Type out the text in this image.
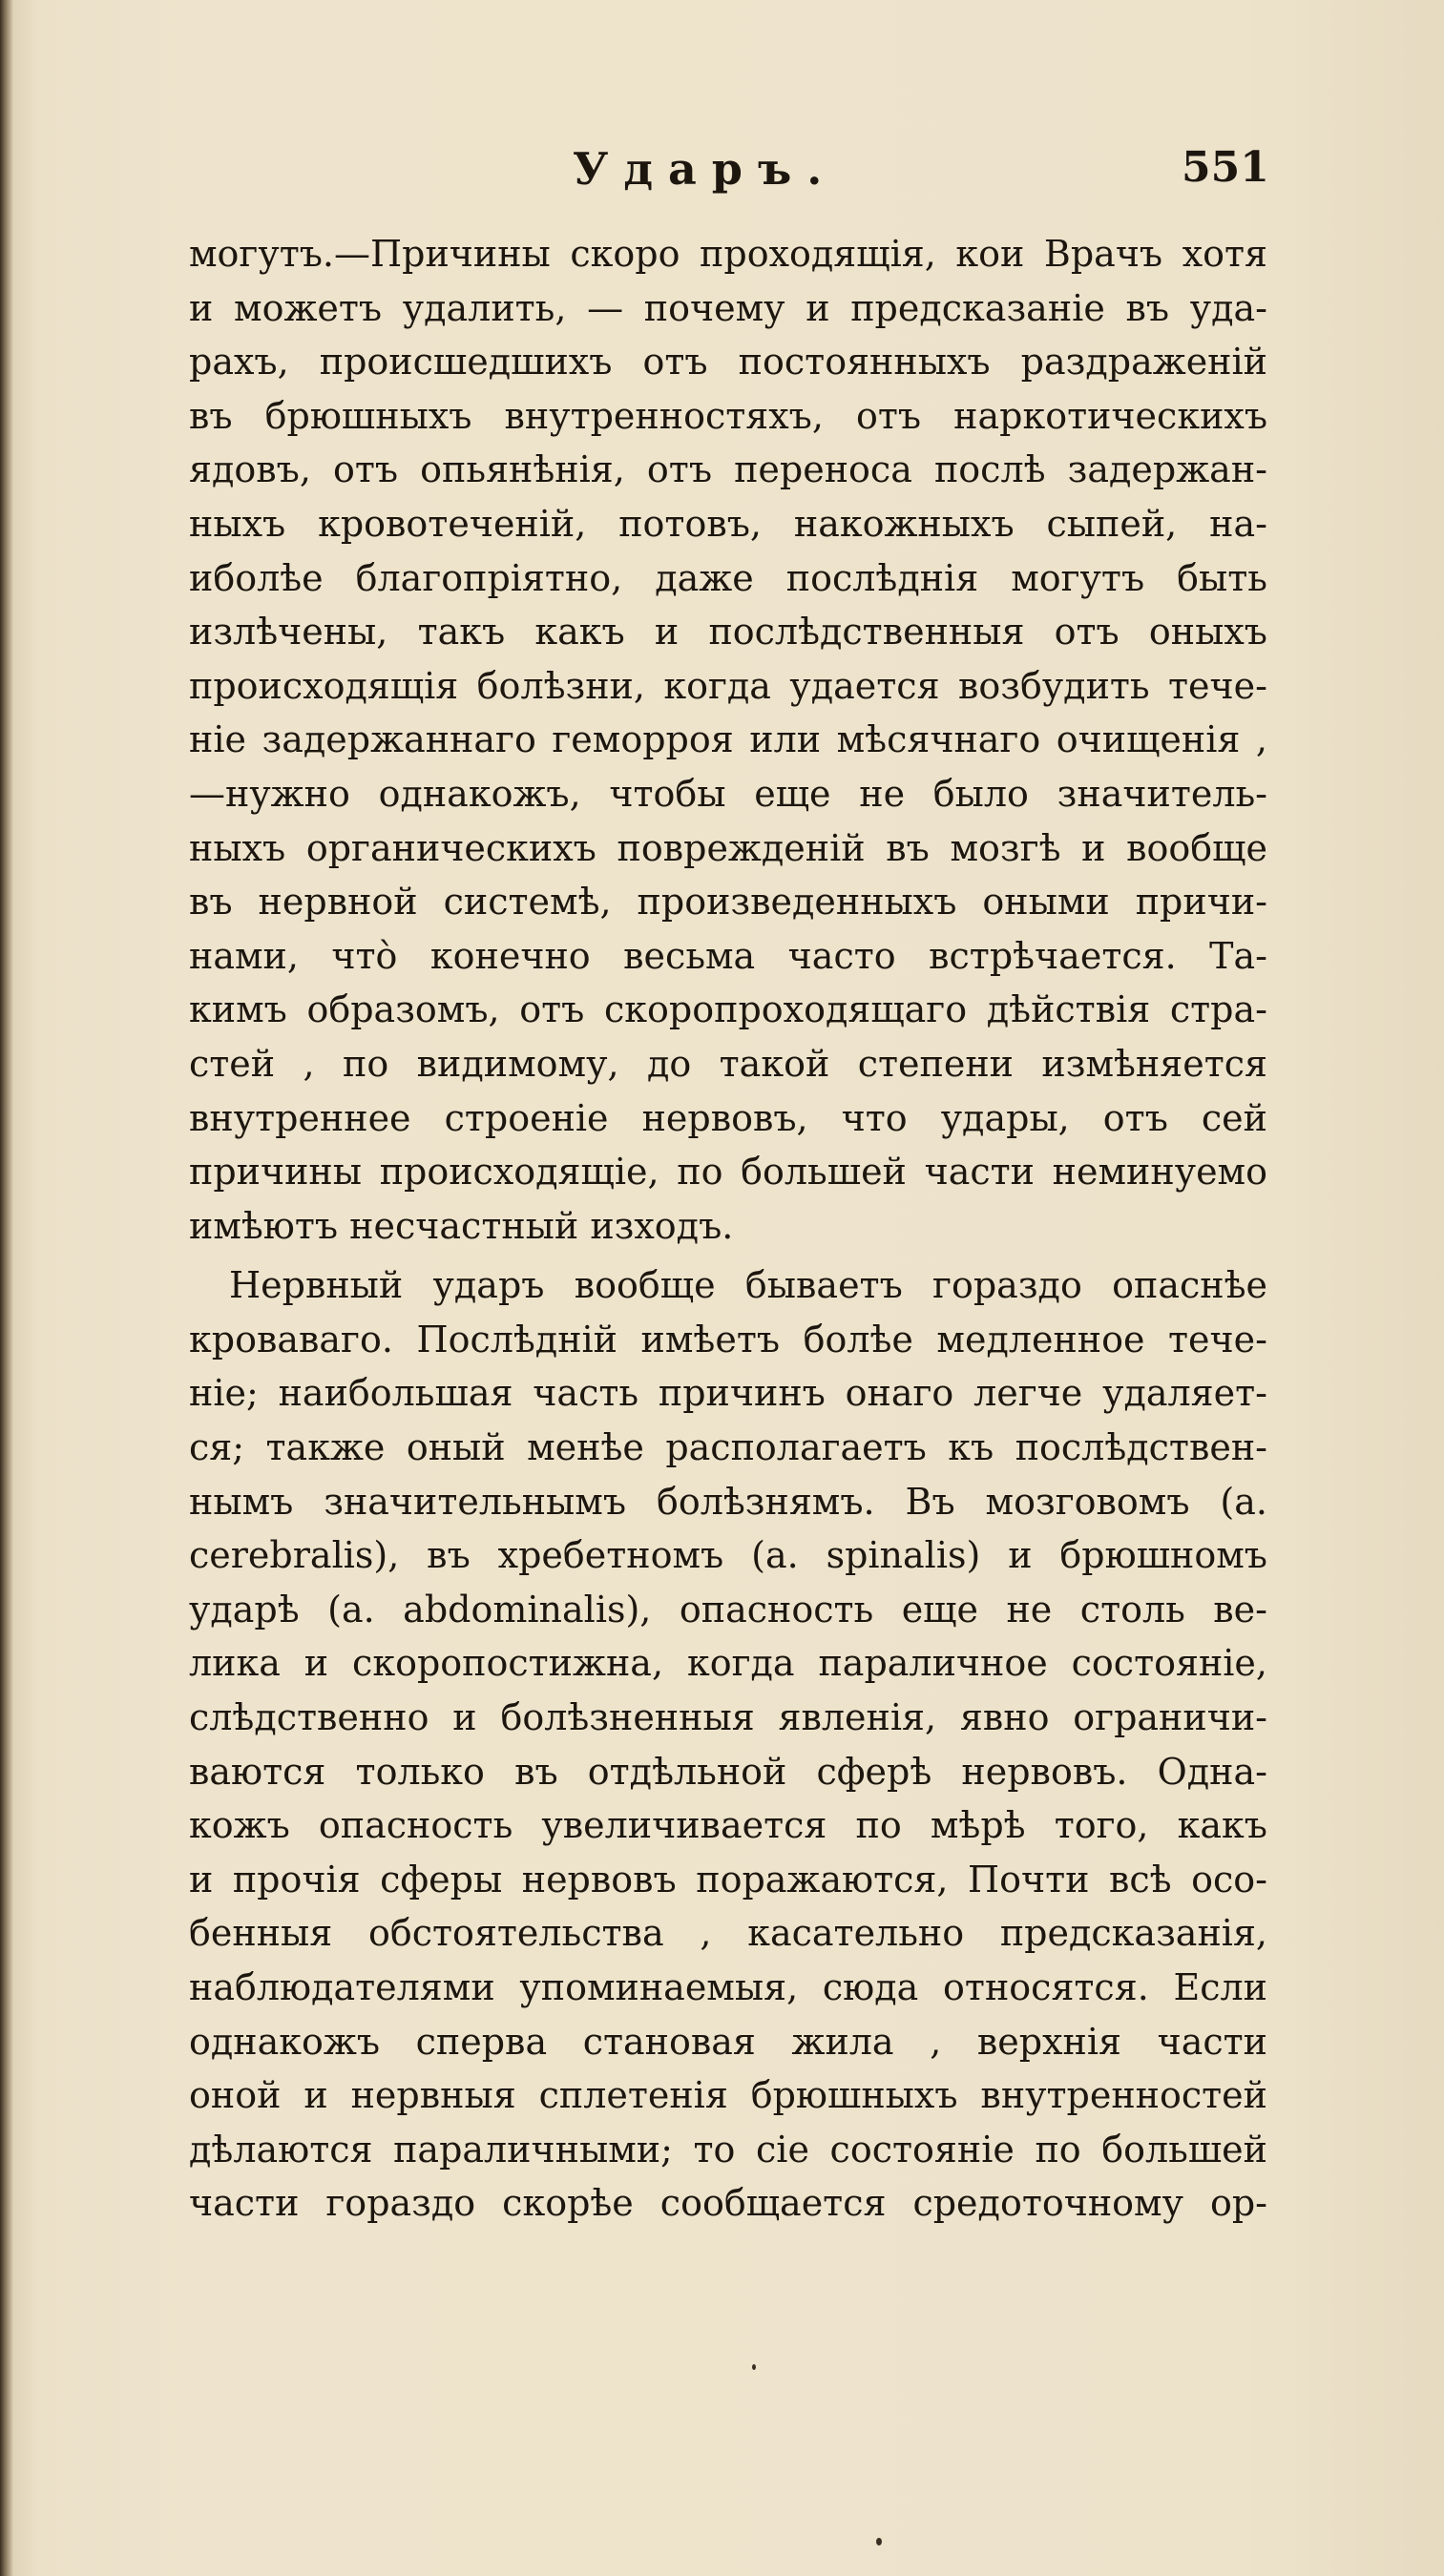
Ударъ.	551
могутъ.—Причины скоро проходящія, кои Врачъ хотя
и можетъ удалить, — почему и предсказаніе въ уда-
рахъ, происшедшихъ отъ постоянныхъ раздраженій
въ брюшныхъ внутренностяхъ, отъ наркотическихъ
ядовъ, отъ опьянѣнія, отъ переноса послѣ задержан-
ныхъ кровотеченій, потовъ, накожныхъ сыпей, на-
иболѣе благопріятно, даже послѣднія могутъ быть
излѣчены, такъ какъ и послѣдственныя отъ оныхъ
происходящія болѣзни, когда удается возбудить тече-
ніе задержаннаго геморроя или мѣсячнаго очищенія ,
—нужно однакожъ, чтобы еще не было значитель-
ныхъ органическихъ поврежденій въ мозгѣ и вообще
въ нервной системѣ, произведенныхъ оными причи-
нами, что̀ конечно весьма часто встрѣчается. Та-
кимъ образомъ, отъ скоропроходящаго дѣйствія стра-
стей , по видимому, до такой степени измѣняется
внутреннее строеніе нервовъ, что удары, отъ сей
причины происходящіе, по большей части неминуемо
имѣютъ несчастный изходъ.
Нервный ударъ вообще бываетъ гораздо опаснѣе
кроваваго. Послѣдній имѣетъ болѣе медленное тече-
ніе; наибольшая часть причинъ онаго легче удаляет-
ся; также оный менѣе располагаетъ къ послѣдствен-
нымъ значительнымъ болѣзнямъ. Въ мозговомъ (a.
cerebralis), въ хребетномъ (a. spinalis) и брюшномъ
ударѣ (a. abdominalis), опасность еще не столь ве-
лика и скоропостижна, когда параличное состояніе,
слѣдственно и болѣзненныя явленія, явно ограничи-
ваются только въ отдѣльной сферѣ нервовъ. Одна-
кожъ опасность увеличивается по мѣрѣ того, какъ
и прочія сферы нервовъ поражаются, Почти всѣ осо-
бенныя обстоятельства , касательно предсказанія,
наблюдателями упоминаемыя, сюда относятся. Если
однакожъ сперва становая жила , верхнія части
оной и нервныя сплетенія брюшныхъ внутренностей
дѣлаются параличными; то сіе состояніе по большей
части гораздо скорѣе сообщается средоточному ор-
